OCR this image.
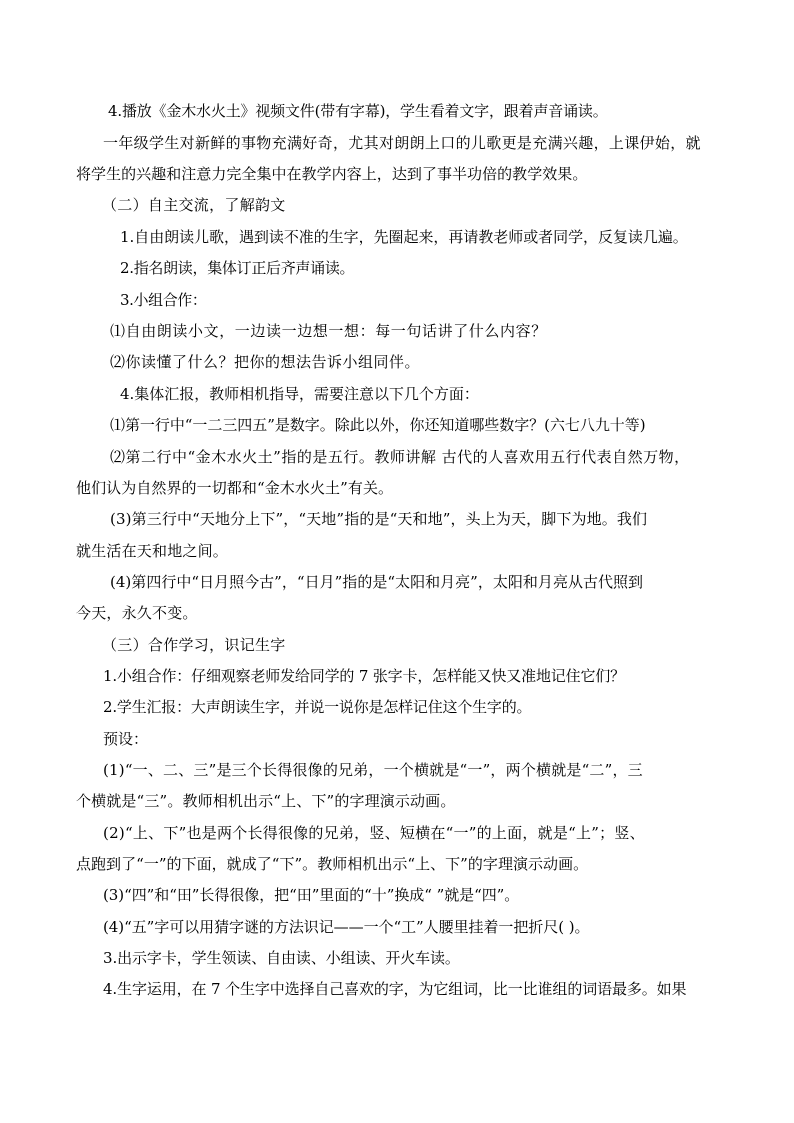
4.播放《金木水火土》视频文件(带有字幕)，学生看着文字，跟着声音诵读。
一年级学生对新鲜的事物充满好奇，尤其对朗朗上口的儿歌更是充满兴趣，上课伊始，就
将学生的兴趣和注意力完全集中在教学内容上，达到了事半功倍的教学效果。
（二）自主交流，了解韵文
1.自由朗读儿歌，遇到读不准的生字，先圈起来，再请教老师或者同学，反复读几遍。
2.指名朗读，集体订正后齐声诵读。
3.小组合作：
⑴自由朗读小文，一边读一边想一想：每一句话讲了什么内容？
⑵你读懂了什么？把你的想法告诉小组同伴。
4.集体汇报，教师相机指导，需要注意以下几个方面：
⑴第一行中“一二三四五”是数字。除此以外，你还知道哪些数字？(六七八九十等)
⑵第二行中“金木水火土”指的是五行。教师讲解 古代的人喜欢用五行代表自然万物，
他们认为自然界的一切都和“金木水火土”有关。
(3)第三行中“天地分上下”，“天地”指的是“天和地”，头上为天，脚下为地。我们
就生活在天和地之间。
(4)第四行中“日月照今古”，“日月”指的是“太阳和月亮”，太阳和月亮从古代照到
今天，永久不变。
（三）合作学习，识记生字
1.小组合作：仔细观察老师发给同学的 7 张字卡，怎样能又快又准地记住它们？
2.学生汇报：大声朗读生字，并说一说你是怎样记住这个生字的。
预设：
(1)“一、二、三”是三个长得很像的兄弟，一个横就是“一”，两个横就是“二”，三
个横就是“三”。教师相机出示“上、下”的字理演示动画。
(2)“上、下”也是两个长得很像的兄弟，竖、短横在“一”的上面，就是“上”；竖、
点跑到了“一”的下面，就成了“下”。教师相机出示“上、下”的字理演示动画。
(3)“四”和“田”长得很像，把“田”里面的“十”换成“ ”就是“四”。
(4)“五”字可以用猜字谜的方法识记——一个“工”人腰里挂着一把折尺( )。
3.出示字卡，学生领读、自由读、小组读、开火车读。
4.生字运用，在 7 个生字中选择自己喜欢的字，为它组词，比一比谁组的词语最多。如果
